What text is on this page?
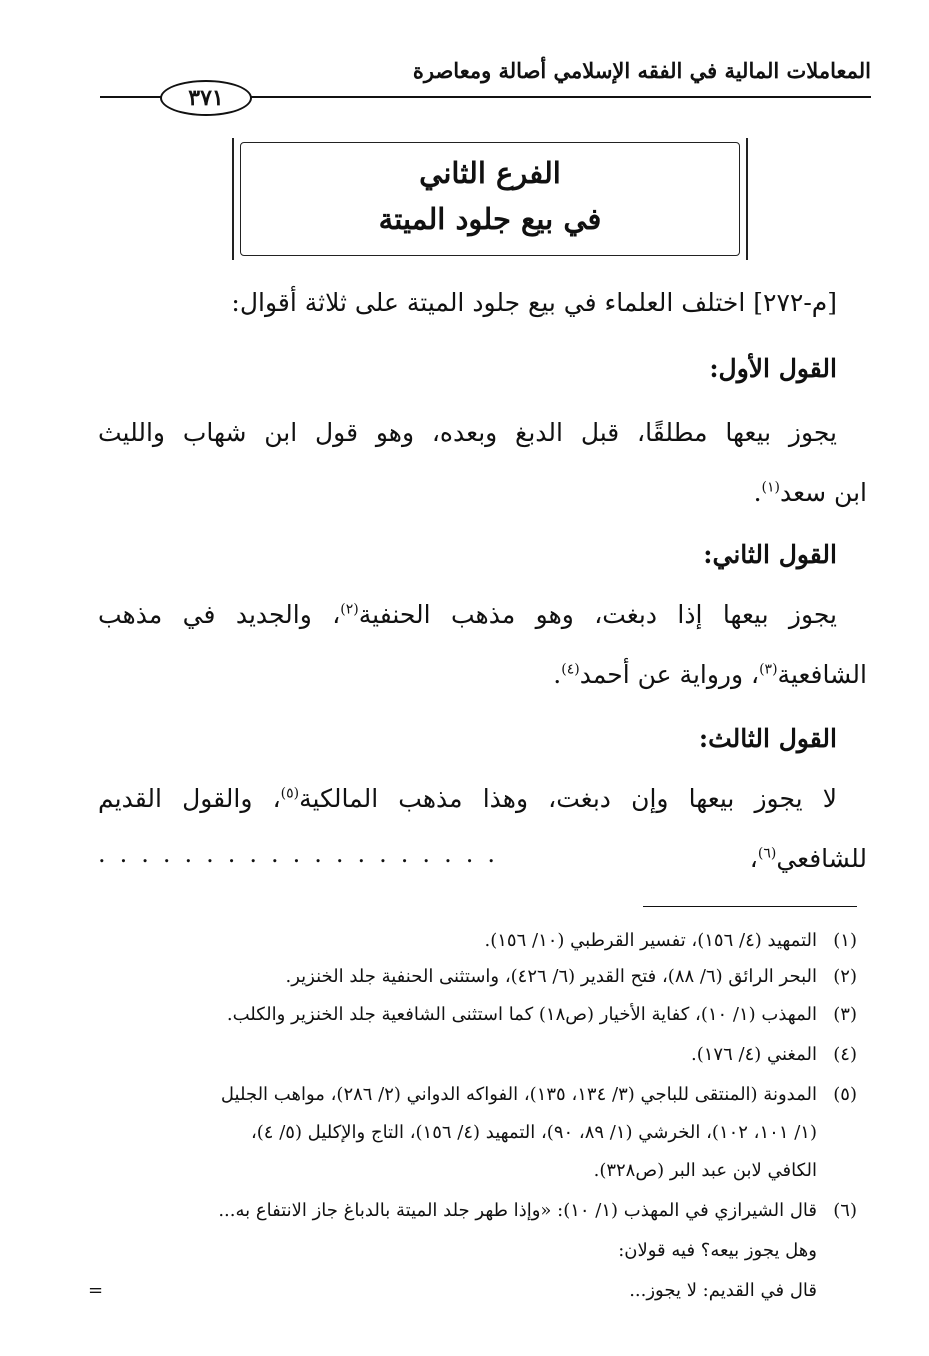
المعاملات المالية في الفقه الإسلامي أصالة ومعاصرة
٣٧١
الفرع الثاني
في بيع جلود الميتة
[م-٢٧٢] اختلف العلماء في بيع جلود الميتة على ثلاثة أقوال:
القول الأول:
يجوز بيعها مطلقًا، قبل الدبغ وبعده، وهو قول ابن شهاب والليث
ابن سعد$^{(١)}$.
القول الثاني:
يجوز بيعها إذا دبغت، وهو مذهب الحنفية$^{(٢)}$، والجديد في مذهب
الشافعية$^{(٣)}$، ورواية عن أحمد$^{(٤)}$.
القول الثالث:
لا يجوز بيعها وإن دبغت، وهذا مذهب المالكية$^{(٥)}$، والقول القديم
للشافعي$^{(٦)}$،
...................
(١)التمهيد (٤/ ١٥٦)، تفسير القرطبي (١٠/ ١٥٦).
(٢)البحر الرائق (٦/ ٨٨)، فتح القدير (٦/ ٤٢٦)، واستثنى الحنفية جلد الخنزير.
(٣)المهذب (١/ ١٠)، كفاية الأخيار (ص١٨) كما استثنى الشافعية جلد الخنزير والكلب.
(٤)المغني (٤/ ١٧٦).
(٥)المدونة (المنتقى للباجي (٣/ ١٣٤، ١٣٥)، الفواكه الدواني (٢/ ٢٨٦)، مواهب الجليل
(١/ ١٠١، ١٠٢)، الخرشي (١/ ٨٩، ٩٠)، التمهيد (٤/ ١٥٦)، التاج والإكليل (٥/ ٤)،
الكافي لابن عبد البر (ص٣٢٨).
(٦)قال الشيرازي في المهذب (١/ ١٠): «وإذا طهر جلد الميتة بالدباغ جاز الانتفاع به...
وهل يجوز بيعه؟ فيه قولان:
قال في القديم: لا يجوز...
=
